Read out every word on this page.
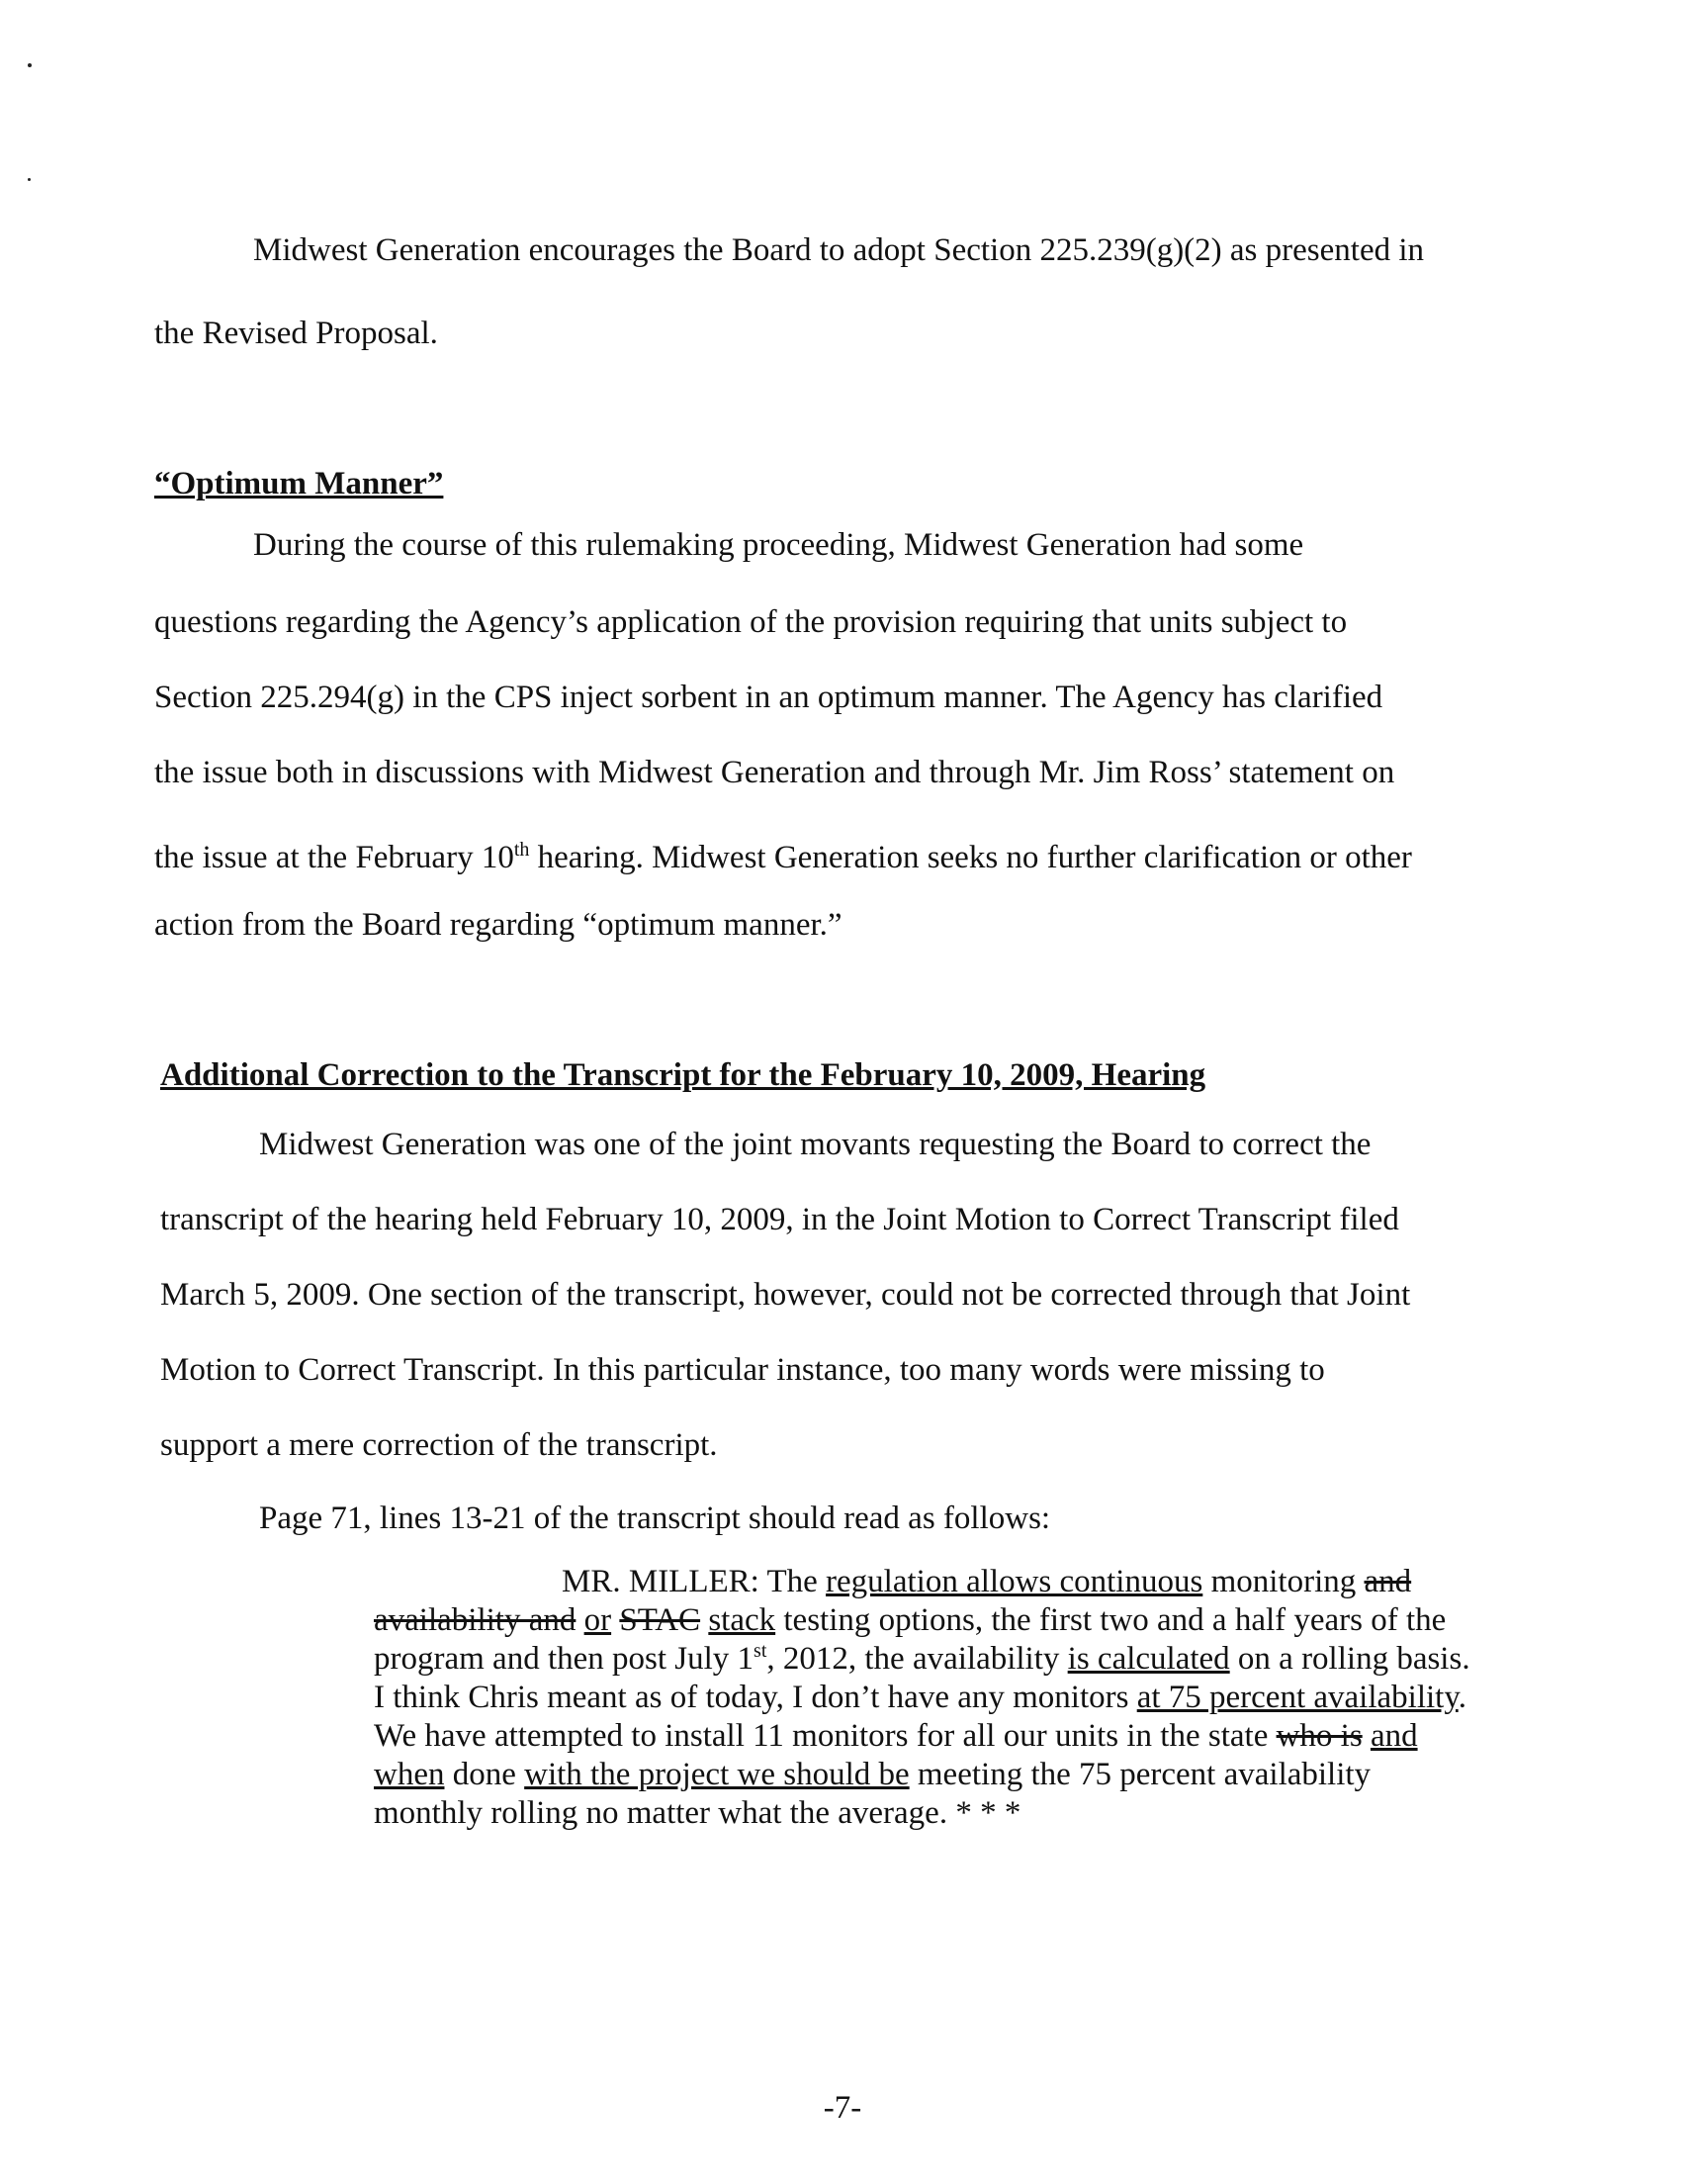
Midwest Generation encourages the Board to adopt Section 225.239(g)(2) as presented in
the Revised Proposal.
“Optimum Manner”
During the course of this rulemaking proceeding, Midwest Generation had some
questions regarding the Agency’s application of the provision requiring that units subject to
Section 225.294(g) in the CPS inject sorbent in an optimum manner. The Agency has clarified
the issue both in discussions with Midwest Generation and through Mr. Jim Ross’ statement on
the issue at the February 10th hearing. Midwest Generation seeks no further clarification or other
action from the Board regarding “optimum manner.”
Additional Correction to the Transcript for the February 10, 2009, Hearing
Midwest Generation was one of the joint movants requesting the Board to correct the
transcript of the hearing held February 10, 2009, in the Joint Motion to Correct Transcript filed
March 5, 2009. One section of the transcript, however, could not be corrected through that Joint
Motion to Correct Transcript. In this particular instance, too many words were missing to
support a mere correction of the transcript.
Page 71, lines 13-21 of the transcript should read as follows:
MR. MILLER: The regulation allows continuous monitoring and availability and or STAC stack testing options, the first two and a half years of the program and then post July 1st, 2012, the availability is calculated on a rolling basis. I think Chris meant as of today, I don’t have any monitors at 75 percent availability. We have attempted to install 11 monitors for all our units in the state who is and when done with the project we should be meeting the 75 percent availability monthly rolling no matter what the average. * * *
-7-
